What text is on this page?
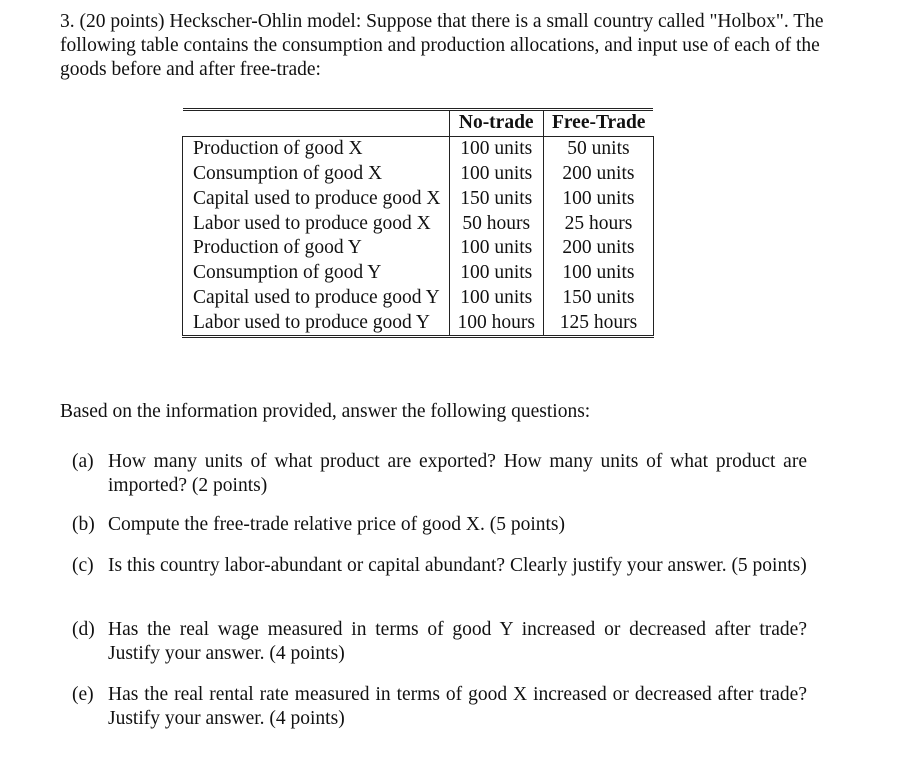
3. (20 points) Heckscher-Ohlin model: Suppose that there is a small country called "Holbox". The following table contains the consumption and production allocations, and input use of each of the goods before and after free-trade:

	No-trade	Free-Trade
Production of good X	100 units	50 units
Consumption of good X	100 units	200 units
Capital used to produce good X	150 units	100 units
Labor used to produce good X	50 hours	25 hours
Production of good Y	100 units	200 units
Consumption of good Y	100 units	100 units
Capital used to produce good Y	100 units	150 units
Labor used to produce good Y	100 hours	125 hours

Based on the information provided, answer the following questions:

(a) How many units of what product are exported? How many units of what product are imported? (2 points)
(b) Compute the free-trade relative price of good X. (5 points)
(c) Is this country labor-abundant or capital abundant? Clearly justify your answer. (5 points)
(d) Has the real wage measured in terms of good Y increased or decreased after trade? Justify your answer. (4 points)
(e) Has the real rental rate measured in terms of good X increased or decreased after trade? Justify your answer. (4 points)
